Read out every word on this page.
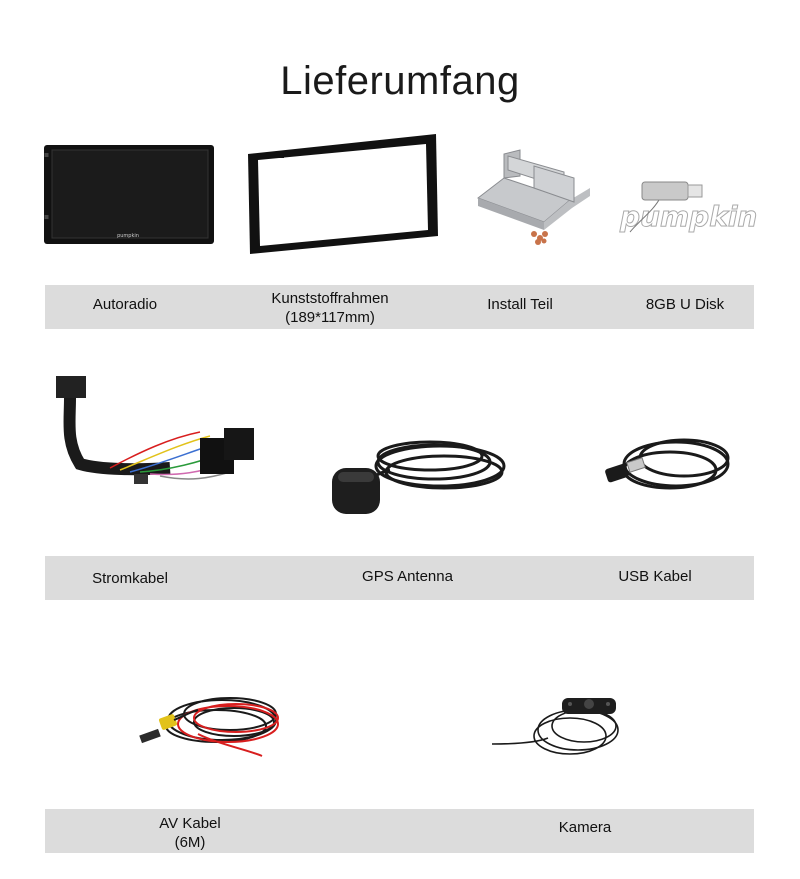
Lieferumfang
pumpkin
pumpkin
Autoradio	Kunststoffrahmen
(189*117mm)
Install Teil	8GB U Disk
Stromkabel	GPS Antenna	USB Kabel
AV Kabel
(6M)
Kamera
